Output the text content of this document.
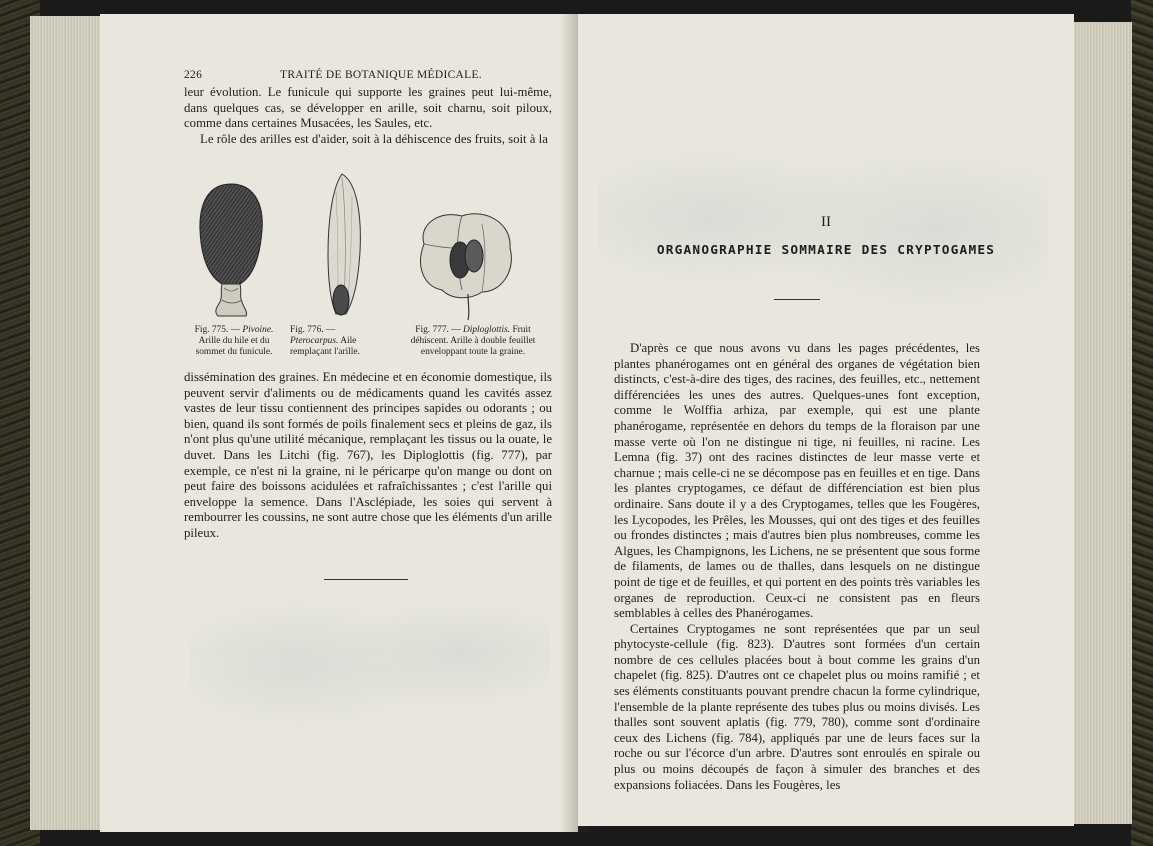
226	TRAITÉ DE BOTANIQUE MÉDICALE.

leur évolution. Le funicule qui supporte les graines peut lui-même, dans quelques cas, se développer en arille, soit charnu, soit piloux, comme dans certaines Musacées, les Saules, etc.

Le rôle des arilles est d'aider, soit à la déhiscence des fruits, soit à la

Fig. 775. — Pivoine. Arille du hile et du sommet du funicule.
Fig. 776. — Pterocarpus. Aile remplaçant l'arille.
Fig. 777. — Diploglottis. Fruit déhiscent. Arille à double feuillet enveloppant toute la graine.

dissémination des graines. En médecine et en économie domestique, ils peuvent servir d'aliments ou de médicaments quand les cavités assez vastes de leur tissu contiennent des principes sapides ou odorants ; ou bien, quand ils sont formés de poils finalement secs et pleins de gaz, ils n'ont plus qu'une utilité mécanique, remplaçant les tissus ou la ouate, le duvet. Dans les Litchi (fig. 767), les Diploglottis (fig. 777), par exemple, ce n'est ni la graine, ni le péricarpe qu'on mange ou dont on peut faire des boissons acidulées et rafraîchissantes ; c'est l'arille qui enveloppe la semence. Dans l'Asclépiade, les soies qui servent à rembourrer les coussins, ne sont autre chose que les éléments d'un arille pileux.

II
ORGANOGRAPHIE SOMMAIRE DES CRYPTOGAMES

D'après ce que nous avons vu dans les pages précédentes, les plantes phanérogames ont en général des organes de végétation bien distincts, c'est-à-dire des tiges, des racines, des feuilles, etc., nettement différenciées les unes des autres. Quelques-unes font exception, comme le Wolffia arhiza, par exemple, qui est une plante phanérogame, représentée en dehors du temps de la floraison par une masse verte où l'on ne distingue ni tige, ni feuilles, ni racine. Les Lemna (fig. 37) ont des racines distinctes de leur masse verte et charnue ; mais celle-ci ne se décompose pas en feuilles et en tige. Dans les plantes cryptogames, ce défaut de différenciation est bien plus ordinaire. Sans doute il y a des Cryptogames, telles que les Fougères, les Lycopodes, les Prêles, les Mousses, qui ont des tiges et des feuilles ou frondes distinctes ; mais d'autres bien plus nombreuses, comme les Algues, les Champignons, les Lichens, ne se présentent que sous forme de filaments, de lames ou de thalles, dans lesquels on ne distingue point de tige et de feuilles, et qui portent en des points très variables les organes de reproduction. Ceux-ci ne consistent pas en fleurs semblables à celles des Phanérogames.

Certaines Cryptogames ne sont représentées que par un seul phytocyste-cellule (fig. 823). D'autres sont formées d'un certain nombre de ces cellules placées bout à bout comme les grains d'un chapelet (fig. 825). D'autres ont ce chapelet plus ou moins ramifié ; et ses éléments constituants pouvant prendre chacun la forme cylindrique, l'ensemble de la plante représente des tubes plus ou moins divisés. Les thalles sont souvent aplatis (fig. 779, 780), comme sont d'ordinaire ceux des Lichens (fig. 784), appliqués par une de leurs faces sur la roche ou sur l'écorce d'un arbre. D'autres sont enroulés en spirale ou plus ou moins découpés de façon à simuler des branches et des expansions foliacées. Dans les Fougères, les
